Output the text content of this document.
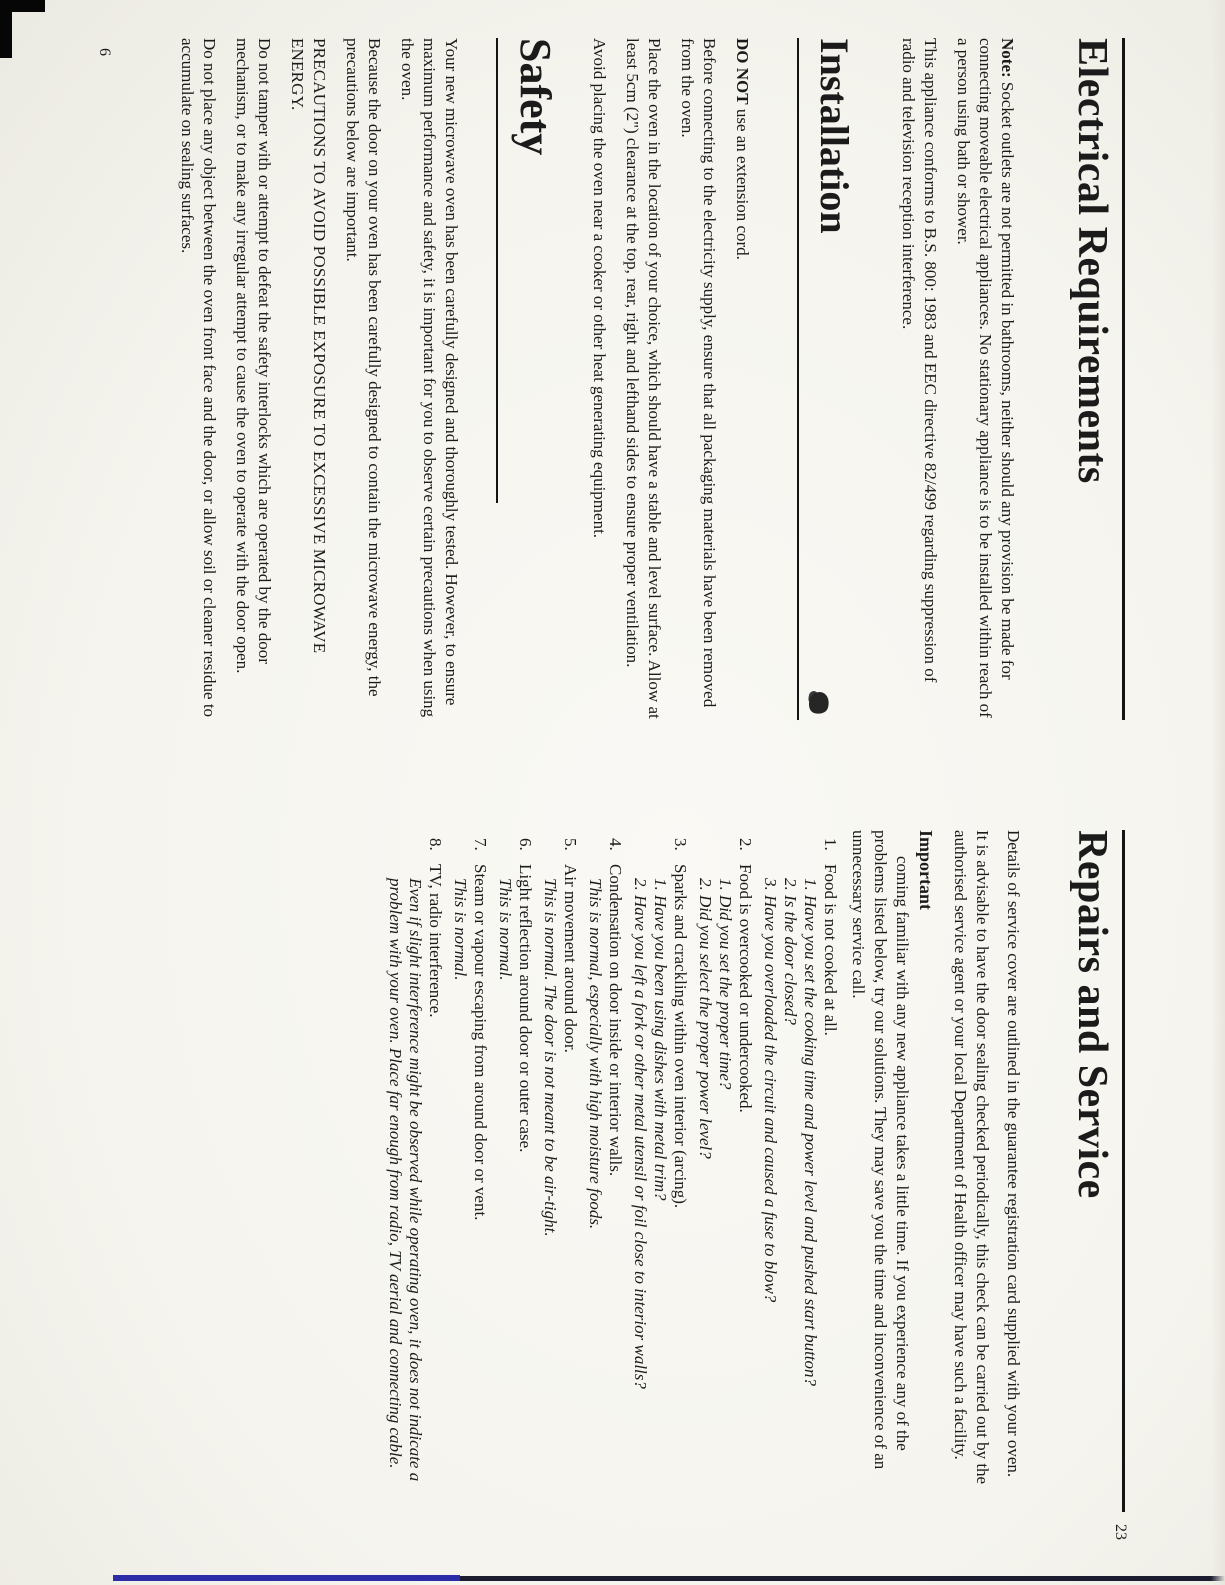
Electrical Requirements

Note: Socket outlets are not permitted in bathrooms, neither should any provision be made for connecting moveable electrical appliances. No stationary appliance is to be installed within reach of a person using bath or shower.

This appliance conforms to B.S. 800: 1983 and EEC directive 82/499 regarding suppression of radio and television reception interference.

Installation

DO NOT use an extension cord.

Before connecting to the electricity supply, ensure that all packaging materials have been removed from the oven.

Place the oven in the location of your choice, which should have a stable and level surface. Allow at least 5cm (2") clearance at the top, rear, right and lefthand sides to ensure proper ventilation.

Avoid placing the oven near a cooker or other heat generating equipment.

Safety

Your new microwave oven has been carefully designed and thoroughly tested. However, to ensure maximum performance and safety, it is important for you to observe certain precautions when using the oven.

Because the door on your oven has been carefully designed to contain the microwave energy, the precautions below are important.

PRECAUTIONS TO AVOID POSSIBLE EXPOSURE TO EXCESSIVE MICROWAVE ENERGY.

Do not tamper with or attempt to defeat the safety interlocks which are operated by the door mechanism, or to make any irregular attempt to cause the oven to operate with the door open.

Do not place any object between the oven front face and the door, or allow soil or cleaner residue to accumulate on sealing surfaces.

Repairs and Service

Details of service cover are outlined in the guarantee registration card supplied with your oven.

It is advisable to have the door sealing checked periodically, this check can be carried out by the authorised service agent or your local Department of Health officer may have such a facility.

Important

coming familiar with any new appliance takes a little time. If you experience any of the problems listed below, try our solutions. They may save you the time and inconvenience of an unnecessary service call.

1.
Food is not cooked at all.
1. Have you set the cooking time and power level and pushed start button?
2. Is the door closed?
3. Have you overloaded the circuit and caused a fuse to blow?
2.
Food is overcooked or undercooked.
1. Did you set the proper time?
2. Did you select the proper power level?
3.
Sparks and crackling within oven interior (arcing).
1. Have you been using dishes with metal trim?
2. Have you left a fork or other metal utensil or foil close to interior walls?
4.
Condensation on door inside or interior walls.
This is normal, especially with high moisture foods.
5.
Air movement around door.
This is normal. The door is not meant to be air-tight.
6.
Light reflection around door or outer case.
This is normal.
7.
Steam or vapour escaping from around door or vent.
This is normal.
8.
TV, radio interference.
Even if slight interference might be observed while operating oven, it does not indicate a problem with your oven. Place far enough from radio, TV aerial and connecting cable.
6
23
